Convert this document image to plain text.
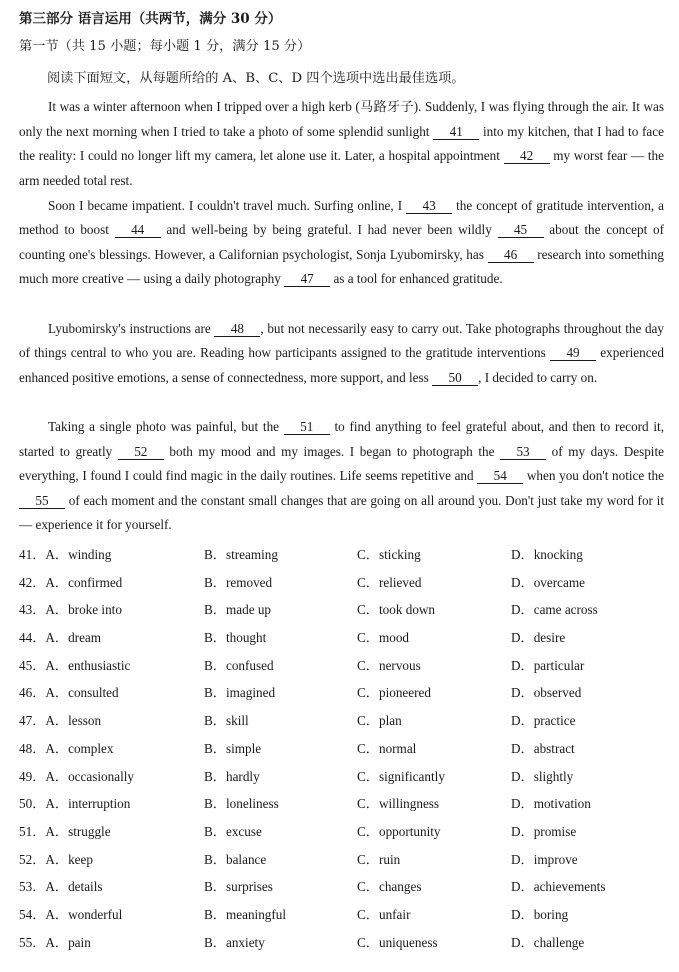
第三部分 语言运用（共两节，满分 30 分）
第一节（共 15 小题；每小题 1 分，满分 15 分）
阅读下面短文，从每题所给的 A、B、C、D 四个选项中选出最佳选项。
It was a winter afternoon when I tripped over a high kerb (马路牙子). Suddenly, I was flying through the air. It was only the next morning when I tried to take a photo of some splendid sunlight 41 into my kitchen, that I had to face the reality: I could no longer lift my camera, let alone use it. Later, a hospital appointment 42 my worst fear — the arm needed total rest.
Soon I became impatient. I couldn't travel much. Surfing online, I 43 the concept of gratitude intervention, a method to boost 44 and well-being by being grateful. I had never been wildly 45 about the concept of counting one's blessings. However, a Californian psychologist, Sonja Lyubomirsky, has 46 research into something much more creative — using a daily photography 47 as a tool for enhanced gratitude.
Lyubomirsky's instructions are 48 , but not necessarily easy to carry out. Take photographs throughout the day of things central to who you are. Reading how participants assigned to the gratitude interventions 49 experienced enhanced positive emotions, a sense of connectedness, more support, and less 50 , I decided to carry on.
Taking a single photo was painful, but the 51 to find anything to feel grateful about, and then to record it, started to greatly 52 both my mood and my images. I began to photograph the 53 of my days. Despite everything, I found I could find magic in the daily routines. Life seems repetitive and 54 when you don't notice the 55 of each moment and the constant small changes that are going on all around you. Don't just take my word for it — experience it for yourself.
41．A．winding	B．streaming	C．sticking	D．knocking
42．A．confirmed	B．removed	C．relieved	D．overcame
43．A．broke into	B．made up	C．took down	D．came across
44．A．dream	B．thought	C．mood	D．desire
45．A．enthusiastic	B．confused	C．nervous	D．particular
46．A．consulted	B．imagined	C．pioneered	D．observed
47．A．lesson	B．skill	C．plan	D．practice
48．A．complex	B．simple	C．normal	D．abstract
49．A．occasionally	B．hardly	C．significantly	D．slightly
50．A．interruption	B．loneliness	C．willingness	D．motivation
51．A．struggle	B．excuse	C．opportunity	D．promise
52．A．keep	B．balance	C．ruin	D．improve
53．A．details	B．surprises	C．changes	D．achievements
54．A．wonderful	B．meaningful	C．unfair	D．boring
55．A．pain	B．anxiety	C．uniqueness	D．challenge
